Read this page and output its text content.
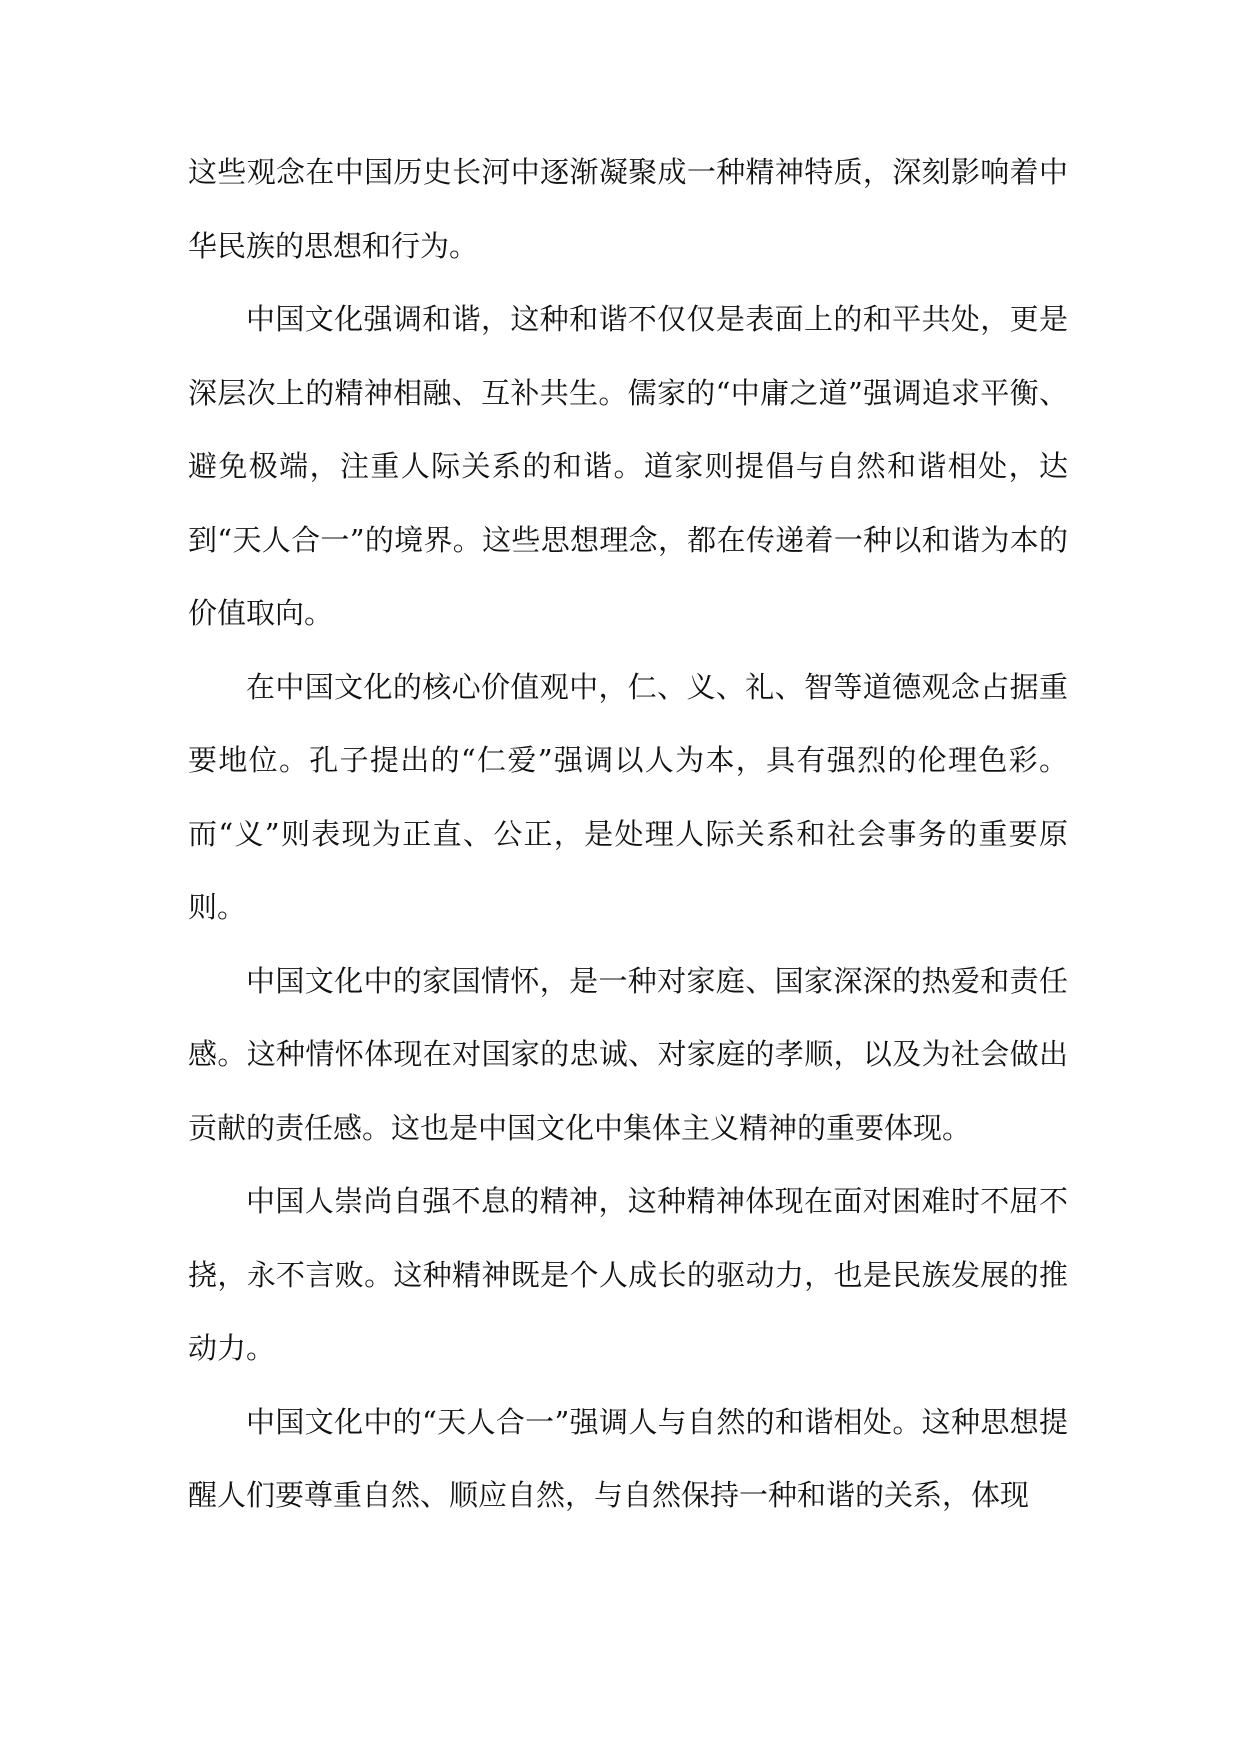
这些观念在中国历史长河中逐渐凝聚成一种精神特质，深刻影响着中华民族的思想和行为。

中国文化强调和谐，这种和谐不仅仅是表面上的和平共处，更是深层次上的精神相融、互补共生。儒家的“中庸之道”强调追求平衡、避免极端，注重人际关系的和谐。道家则提倡与自然和谐相处，达到“天人合一”的境界。这些思想理念，都在传递着一种以和谐为本的价值取向。

在中国文化的核心价值观中，仁、义、礼、智等道德观念占据重要地位。孔子提出的“仁爱”强调以人为本，具有强烈的伦理色彩。而“义”则表现为正直、公正，是处理人际关系和社会事务的重要原则。

中国文化中的家国情怀，是一种对家庭、国家深深的热爱和责任感。这种情怀体现在对国家的忠诚、对家庭的孝顺，以及为社会做出贡献的责任感。这也是中国文化中集体主义精神的重要体现。

中国人崇尚自强不息的精神，这种精神体现在面对困难时不屈不挠，永不言败。这种精神既是个人成长的驱动力，也是民族发展的推动力。

中国文化中的“天人合一”强调人与自然的和谐相处。这种思想提醒人们要尊重自然、顺应自然，与自然保持一种和谐的关系，体现
